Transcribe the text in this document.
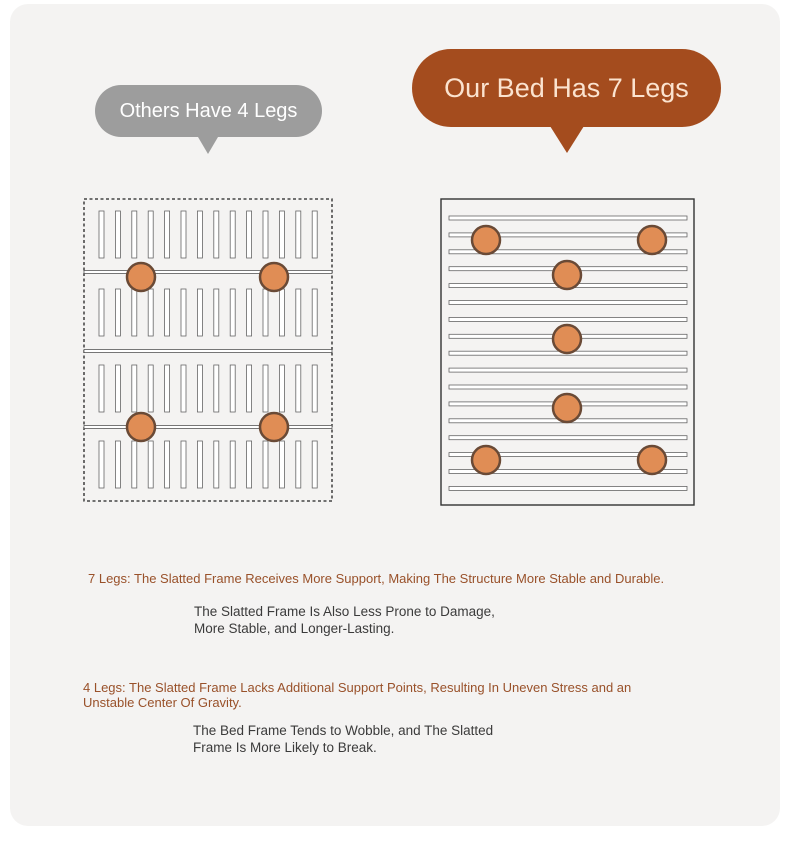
Others Have 4 Legs
Our Bed Has 7 Legs
7 Legs: The Slatted Frame Receives More Support, Making The Structure More Stable and Durable.
The Slatted Frame Is Also Less Prone to Damage,
More Stable, and Longer-Lasting.
4 Legs: The Slatted Frame Lacks Additional Support Points, Resulting In Uneven Stress and an
Unstable Center Of Gravity.
The Bed Frame Tends to Wobble, and The Slatted
Frame Is More Likely to Break.
